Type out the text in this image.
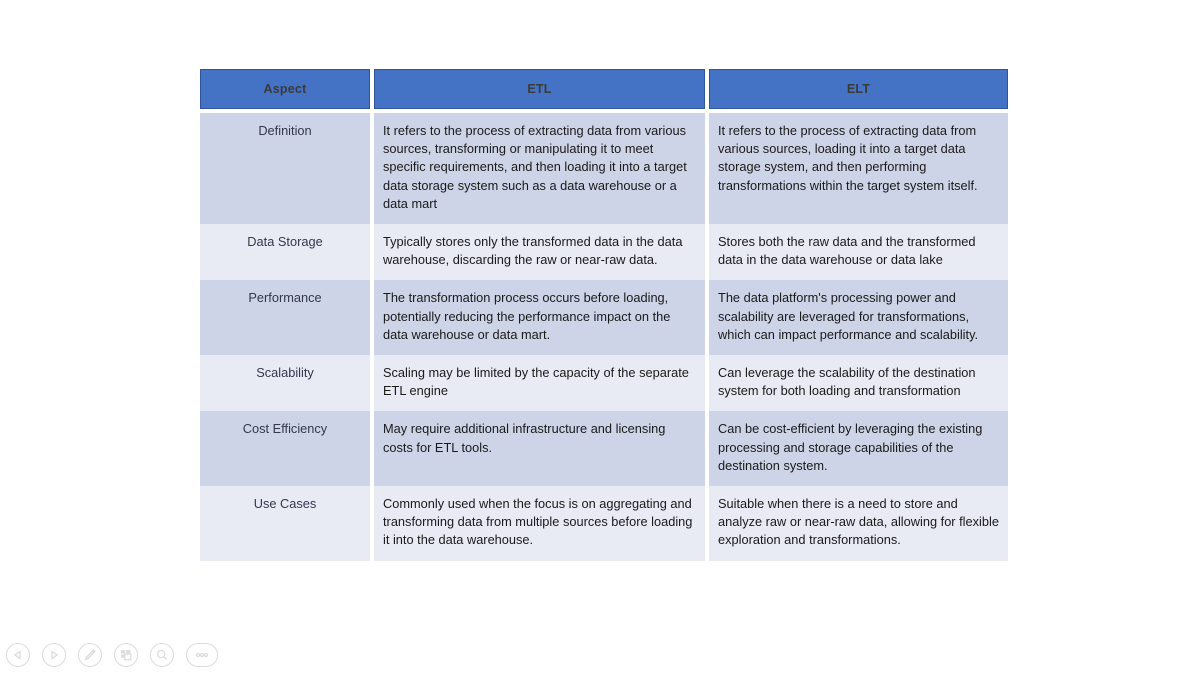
Aspect		ETL		ELT

Definition		It refers to the process of extracting data from various sources, transforming or manipulating it to meet specific requirements, and then loading it into a target data storage system such as a data warehouse or a data mart		It refers to the process of extracting data from various sources, loading it into a target data storage system, and then performing transformations within the target system itself.
Data Storage		Typically stores only the transformed data in the data warehouse, discarding the raw or near-raw data.		Stores both the raw data and the transformed data in the data warehouse or data lake
Performance		The transformation process occurs before loading, potentially reducing the performance impact on the data warehouse or data mart.		The data platform's processing power and scalability are leveraged for transformations, which can impact performance and scalability.
Scalability		Scaling may be limited by the capacity of the separate ETL engine		Can leverage the scalability of the destination system for both loading and transformation
Cost Efficiency		May require additional infrastructure and licensing costs for ETL tools.		Can be cost-efficient by leveraging the existing processing and storage capabilities of the destination system.
Use Cases		Commonly used when the focus is on aggregating and transforming data from multiple sources before loading it into the data warehouse.		Suitable when there is a need to store and analyze raw or near-raw data, allowing for flexible exploration and transformations.
